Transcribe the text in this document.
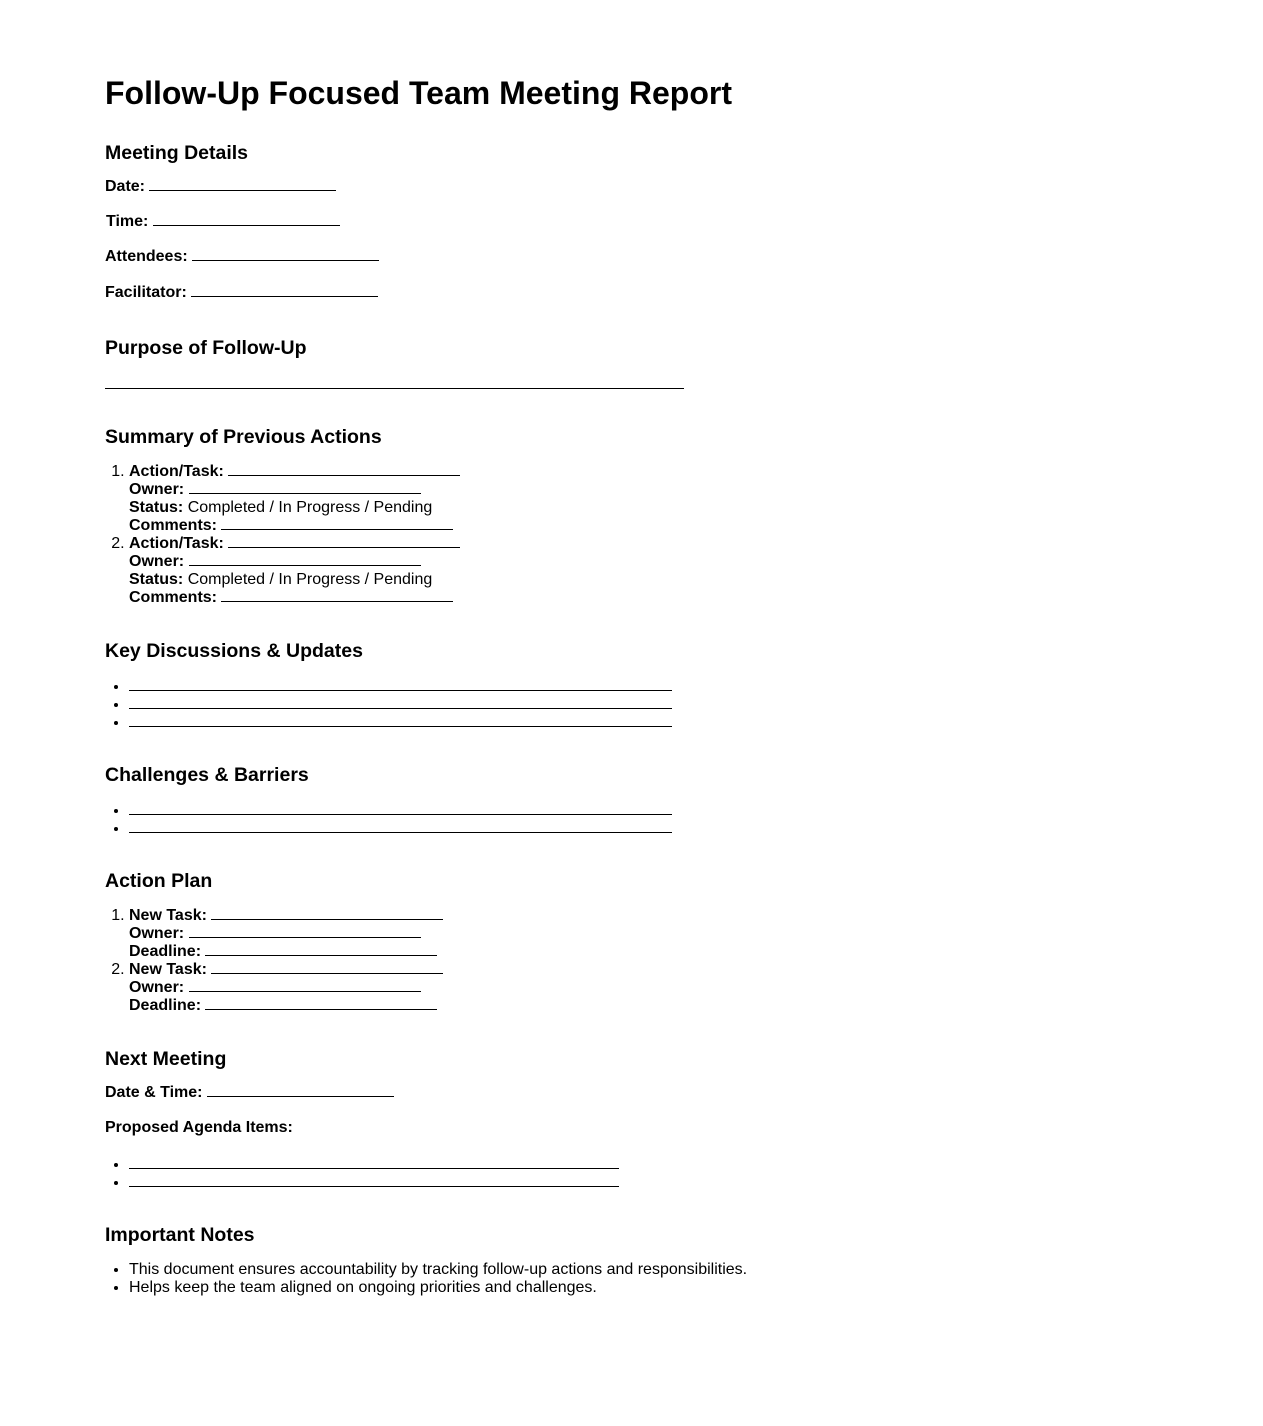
Follow-Up Focused Team Meeting Report
Meeting Details

Date:

Time:

Attendees:

Facilitator:

Purpose of Follow-Up
Summary of Previous Actions
1. Action/Task:
Owner:
Status: Completed / In Progress / Pending
Comments:
2. Action/Task:
Owner:
Status: Completed / In Progress / Pending
Comments:
Key Discussions & Updates
•
•
•
Challenges & Barriers
•
•
Action Plan
1. New Task:
Owner:
Deadline:
2. New Task:
Owner:
Deadline:
Next Meeting

Date & Time:

Proposed Agenda Items:

•
•
Important Notes
• This document ensures accountability by tracking follow-up actions and responsibilities.
• Helps keep the team aligned on ongoing priorities and challenges.
